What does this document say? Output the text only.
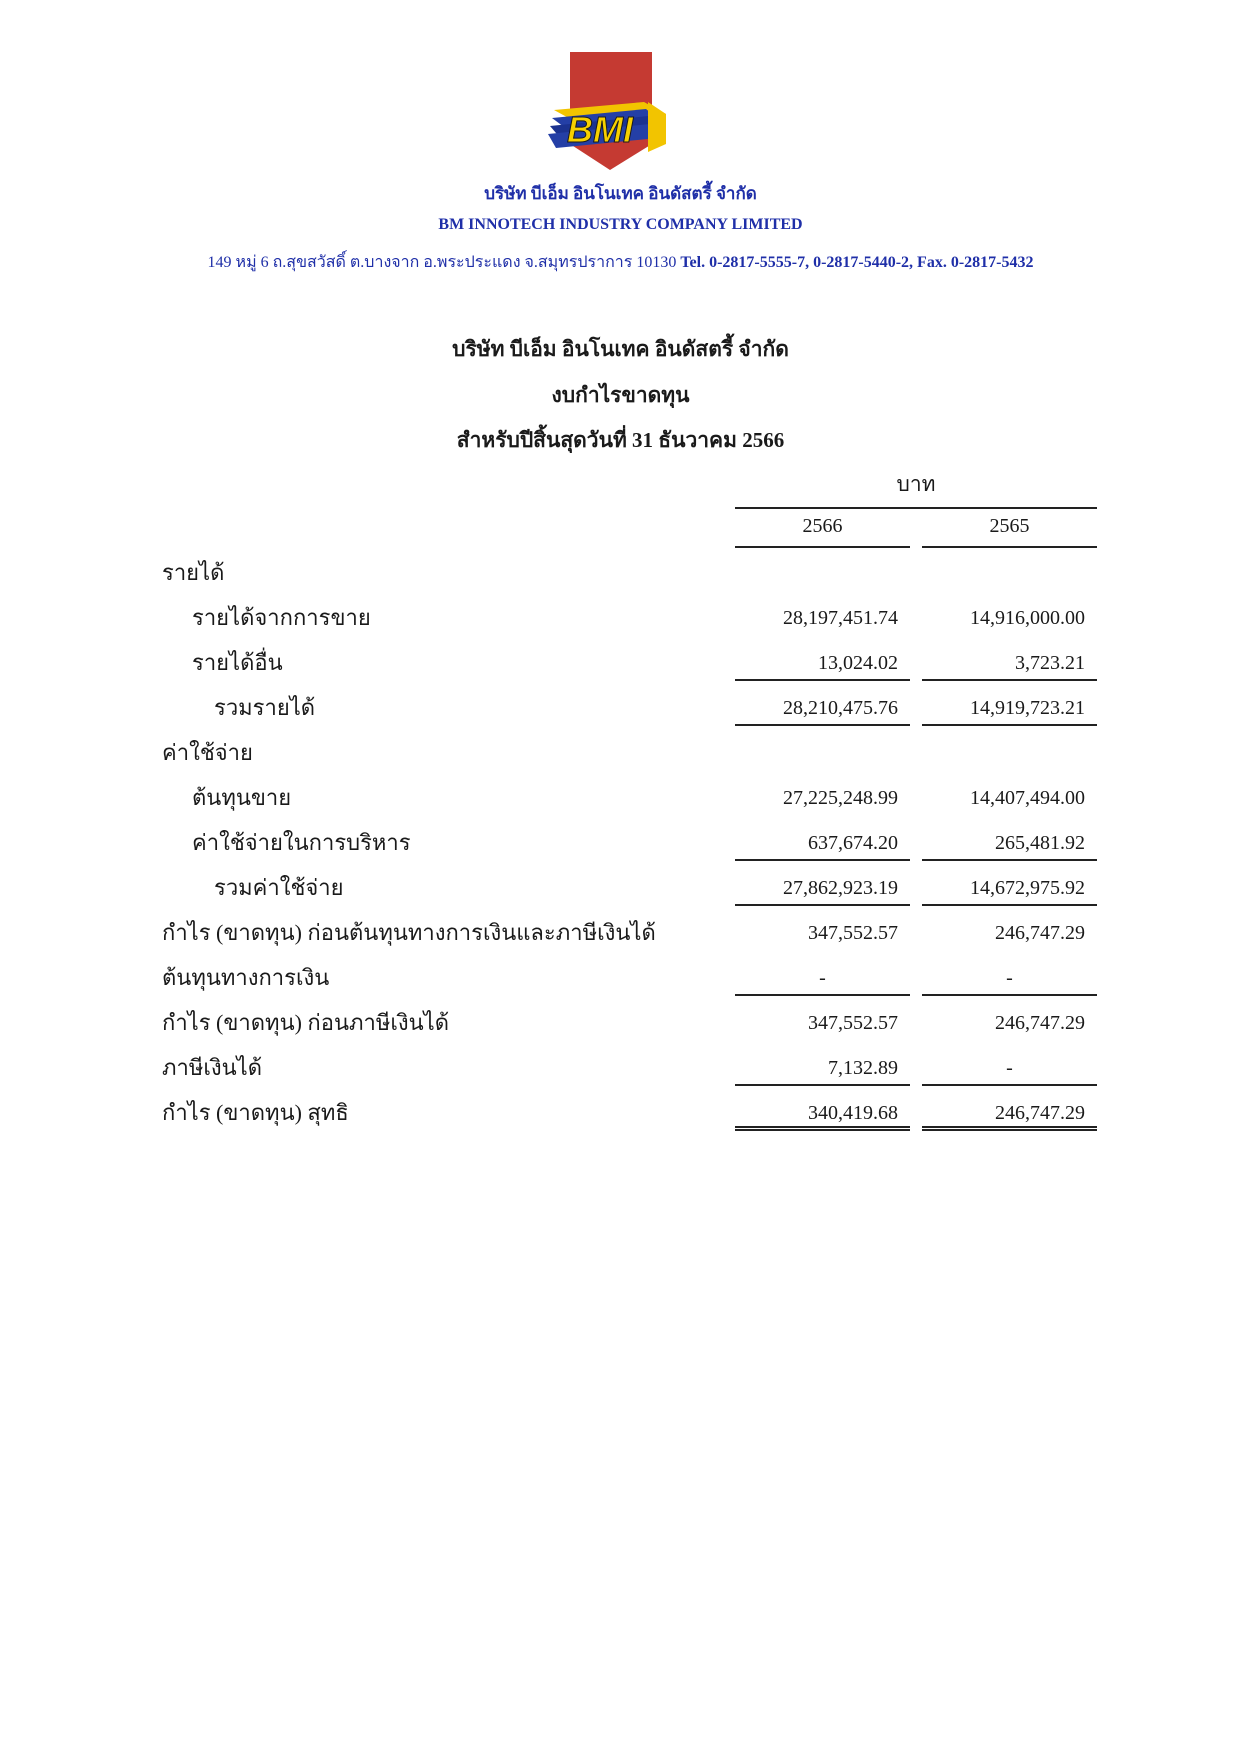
BMI
บริษัท บีเอ็ม อินโนเทค อินดัสตรี้ จำกัด
BM INNOTECH INDUSTRY COMPANY LIMITED
149 หมู่ 6 ถ.สุขสวัสดิ์ ต.บางจาก อ.พระประแดง จ.สมุทรปราการ 10130 Tel. 0-2817-5555-7, 0-2817-5440-2, Fax. 0-2817-5432
บริษัท บีเอ็ม อินโนเทค อินดัสตรี้ จำกัด
งบกำไรขาดทุน
สำหรับปีสิ้นสุดวันที่ 31 ธันวาคม 2566
บาท
2566	2565
รายได้
รายได้จากการขาย	28,197,451.74	14,916,000.00
รายได้อื่น	13,024.02	3,723.21
รวมรายได้	28,210,475.76	14,919,723.21
ค่าใช้จ่าย
ต้นทุนขาย	27,225,248.99	14,407,494.00
ค่าใช้จ่ายในการบริหาร	637,674.20	265,481.92
รวมค่าใช้จ่าย	27,862,923.19	14,672,975.92
กำไร (ขาดทุน) ก่อนต้นทุนทางการเงินและภาษีเงินได้	347,552.57	246,747.29
ต้นทุนทางการเงิน	-	-
กำไร (ขาดทุน) ก่อนภาษีเงินได้	347,552.57	246,747.29
ภาษีเงินได้	7,132.89	-
กำไร (ขาดทุน) สุทธิ	340,419.68	246,747.29
